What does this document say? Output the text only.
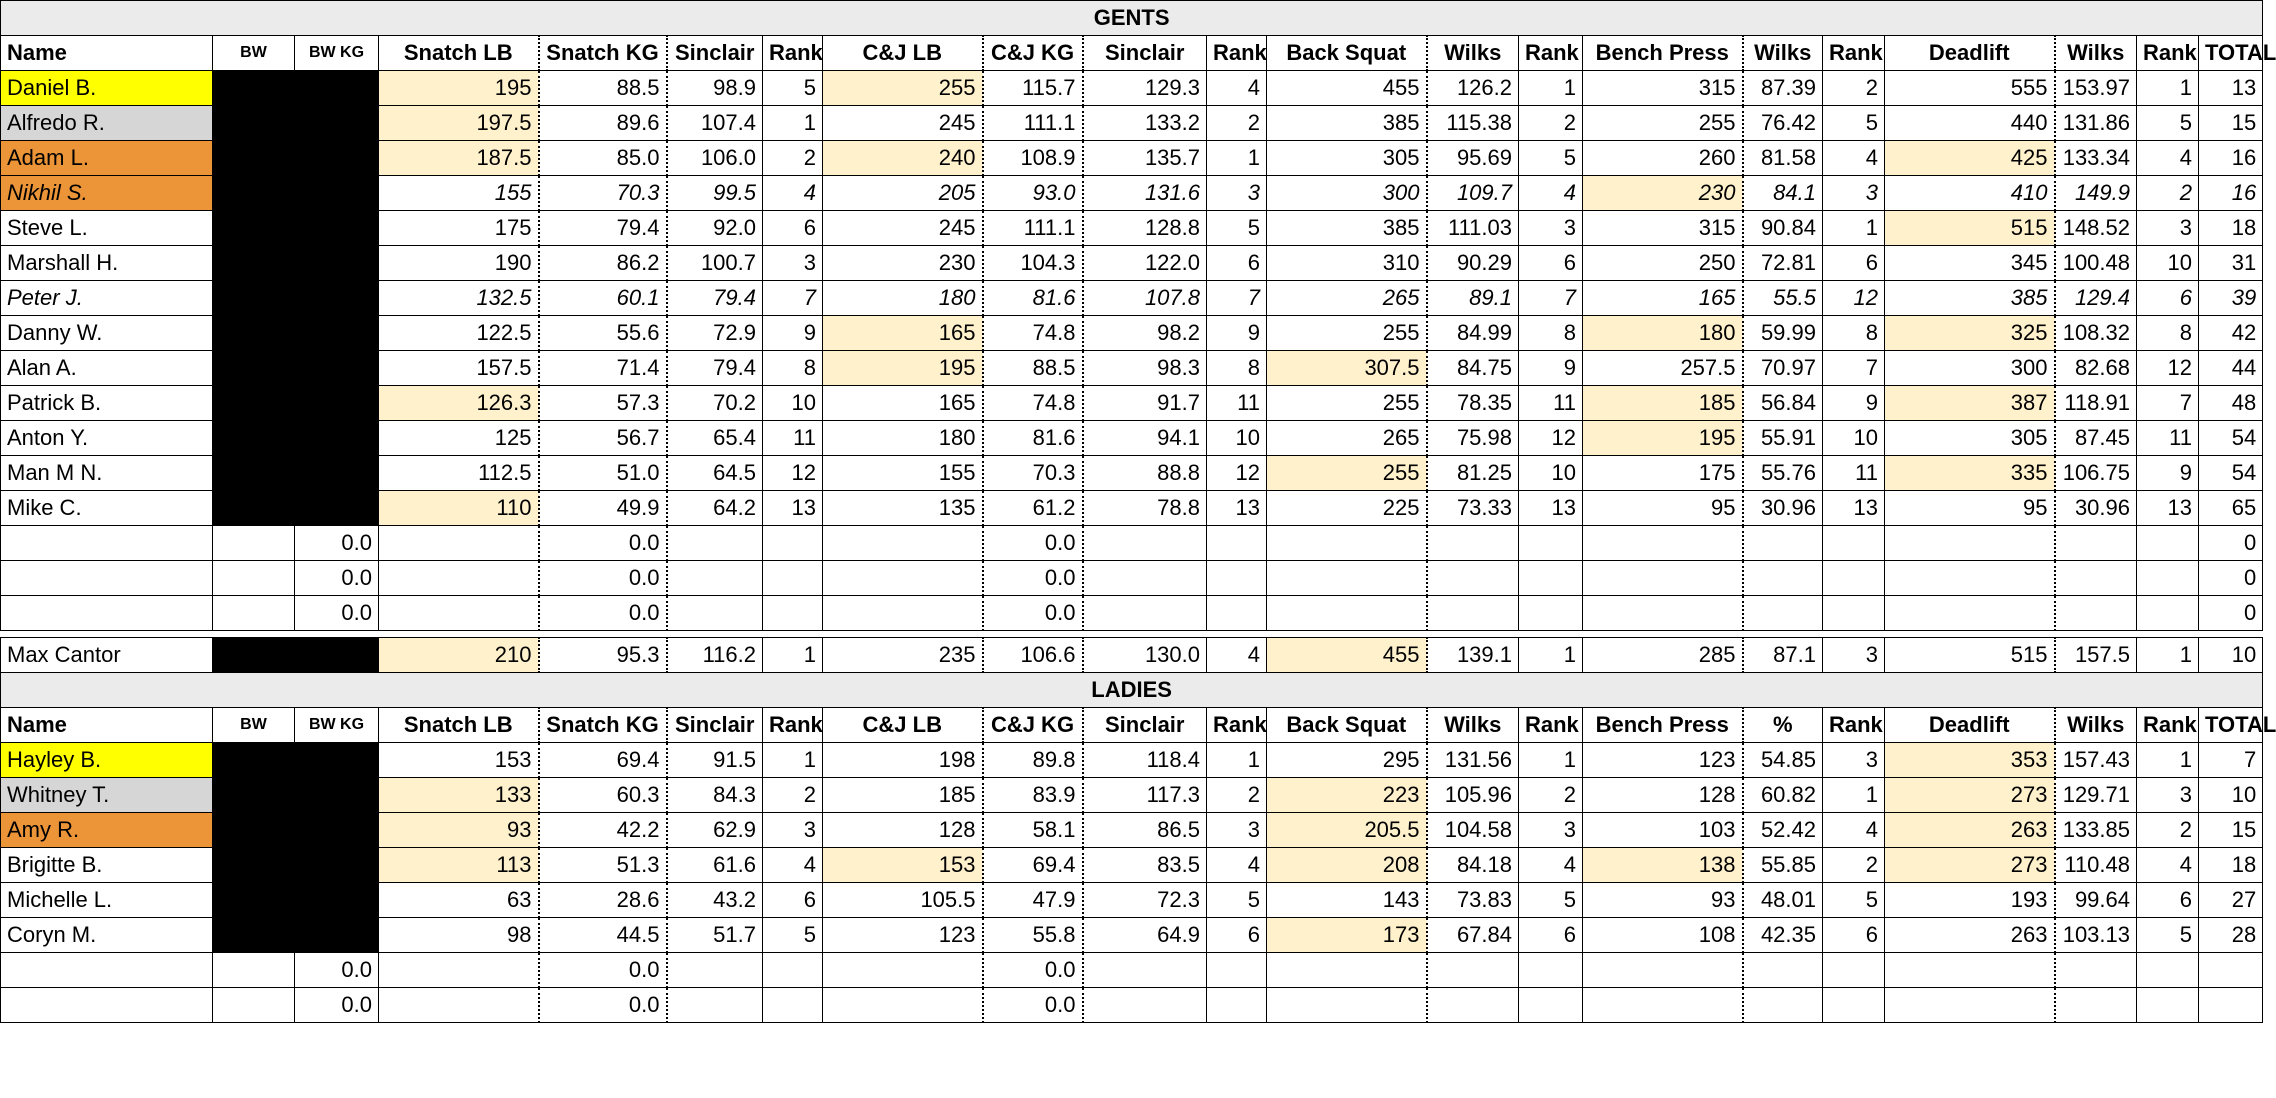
GENTS																				
Name	BW	BW KG	Snatch LB	Snatch KG	Sinclair	Rank	C&J LB	C&J KG	Sinclair	Rank	Back Squat	Wilks	Rank	Bench Press	Wilks	Rank	Deadlift	Wilks	Rank	TOTAL
Daniel B.			195	88.5	98.9	5	255	115.7	129.3	4	455	126.2	1	315	87.39	2	555	153.97	1	13
Alfredo R.			197.5	89.6	107.4	1	245	111.1	133.2	2	385	115.38	2	255	76.42	5	440	131.86	5	15
Adam L.			187.5	85.0	106.0	2	240	108.9	135.7	1	305	95.69	5	260	81.58	4	425	133.34	4	16
Nikhil S.			155	70.3	99.5	4	205	93.0	131.6	3	300	109.7	4	230	84.1	3	410	149.9	2	16
Steve L.			175	79.4	92.0	6	245	111.1	128.8	5	385	111.03	3	315	90.84	1	515	148.52	3	18
Marshall H.			190	86.2	100.7	3	230	104.3	122.0	6	310	90.29	6	250	72.81	6	345	100.48	10	31
Peter J.			132.5	60.1	79.4	7	180	81.6	107.8	7	265	89.1	7	165	55.5	12	385	129.4	6	39
Danny W.			122.5	55.6	72.9	9	165	74.8	98.2	9	255	84.99	8	180	59.99	8	325	108.32	8	42
Alan A.			157.5	71.4	79.4	8	195	88.5	98.3	8	307.5	84.75	9	257.5	70.97	7	300	82.68	12	44
Patrick B.			126.3	57.3	70.2	10	165	74.8	91.7	11	255	78.35	11	185	56.84	9	387	118.91	7	48
Anton Y.			125	56.7	65.4	11	180	81.6	94.1	10	265	75.98	12	195	55.91	10	305	87.45	11	54
Man M N.			112.5	51.0	64.5	12	155	70.3	88.8	12	255	81.25	10	175	55.76	11	335	106.75	9	54
Mike C.			110	49.9	64.2	13	135	61.2	78.8	13	225	73.33	13	95	30.96	13	95	30.96	13	65
		0.0		0.0				0.0												0
		0.0		0.0				0.0												0
		0.0		0.0				0.0												0

Max Cantor			210	95.3	116.2	1	235	106.6	130.0	4	455	139.1	1	285	87.1	3	515	157.5	1	10
LADIES																				
Name	BW	BW KG	Snatch LB	Snatch KG	Sinclair	Rank	C&J LB	C&J KG	Sinclair	Rank	Back Squat	Wilks	Rank	Bench Press	%	Rank	Deadlift	Wilks	Rank	TOTAL
Hayley B.			153	69.4	91.5	1	198	89.8	118.4	1	295	131.56	1	123	54.85	3	353	157.43	1	7
Whitney T.			133	60.3	84.3	2	185	83.9	117.3	2	223	105.96	2	128	60.82	1	273	129.71	3	10
Amy R.			93	42.2	62.9	3	128	58.1	86.5	3	205.5	104.58	3	103	52.42	4	263	133.85	2	15
Brigitte B.			113	51.3	61.6	4	153	69.4	83.5	4	208	84.18	4	138	55.85	2	273	110.48	4	18
Michelle L.			63	28.6	43.2	6	105.5	47.9	72.3	5	143	73.83	5	93	48.01	5	193	99.64	6	27
Coryn M.			98	44.5	51.7	5	123	55.8	64.9	6	173	67.84	6	108	42.35	6	263	103.13	5	28
		0.0		0.0				0.0												
		0.0		0.0				0.0												
